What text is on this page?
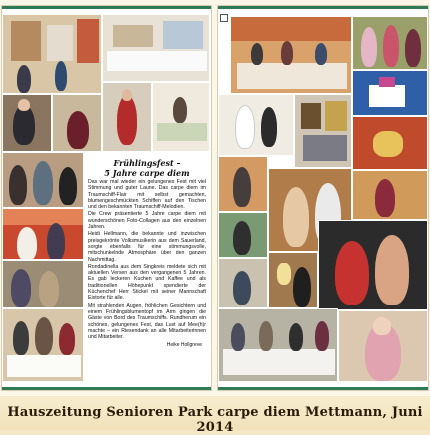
Frühlingsfest –
5 Jahre carpe diem

Das war mal wieder ein gelungenes Fest mit viel Stimmung und guter Laune. Das carpe diem im Traumschiff-Flair mit selbst gemachten, blumengeschmückten Schiffen auf den Tischen und den bekannten Traumschiff-Melodien.

Die Crew präsentierte 5 Jahre carpe diem mit wunderschönen Foto-Collagen aus den einzelnen Jahren.

Heidi Hellmann, die bekannte und inzwischen preisgekrönte Volksmusikerin aus dem Sauerland, sorgte ebenfalls für eine stimmungsvolle, mitschunkelnde Atmosphäre über den ganzen Nachmittag.

Rondadinella aus dem Singkreis meldete sich mit aktuellen Versen aus den vergangenen 5 Jahren. Es gab leckeren Kuchen und Kaffee und als traditionellen Höhepunkt spendierte der Küchenchef Herr Stickel mit seiner Mannschaft Eistorte für alle.

Mit strahlenden Augen, fröhlichen Gesichtern und einem Frühlingsblumentopf im Arm gingen die Gäste von Bord des Traumschiffs. Rundherum ein schönes, gelungenes Fest, das Lust auf Mee(h)r machte – ein Riesendank an alle Mitarbeiterinnen und Mitarbeiter.

Heike Hollgreve
Hauszeitung Senioren Park carpe diem Mettmann, Juni 2014
